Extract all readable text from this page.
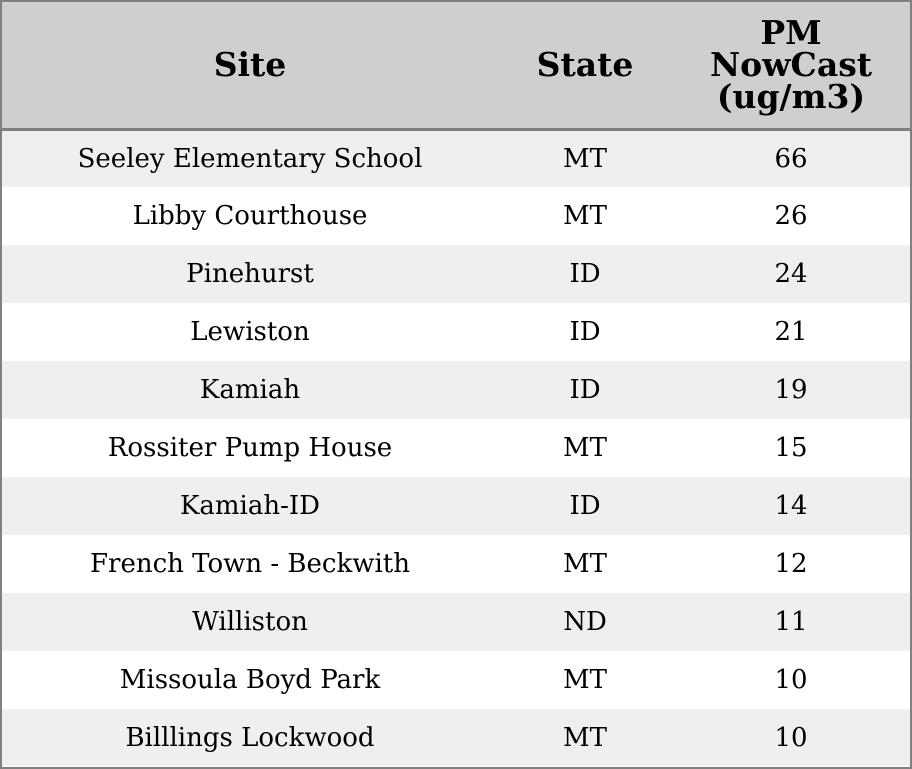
Site	State	PM
NowCast
(ug/m3)

Seeley Elementary School	MT	66
Libby Courthouse	MT	26
Pinehurst	ID	24
Lewiston	ID	21
Kamiah	ID	19
Rossiter Pump House	MT	15
Kamiah-ID	ID	14
French Town - Beckwith	MT	12
Williston	ND	11
Missoula Boyd Park	MT	10
Billlings Lockwood	MT	10
